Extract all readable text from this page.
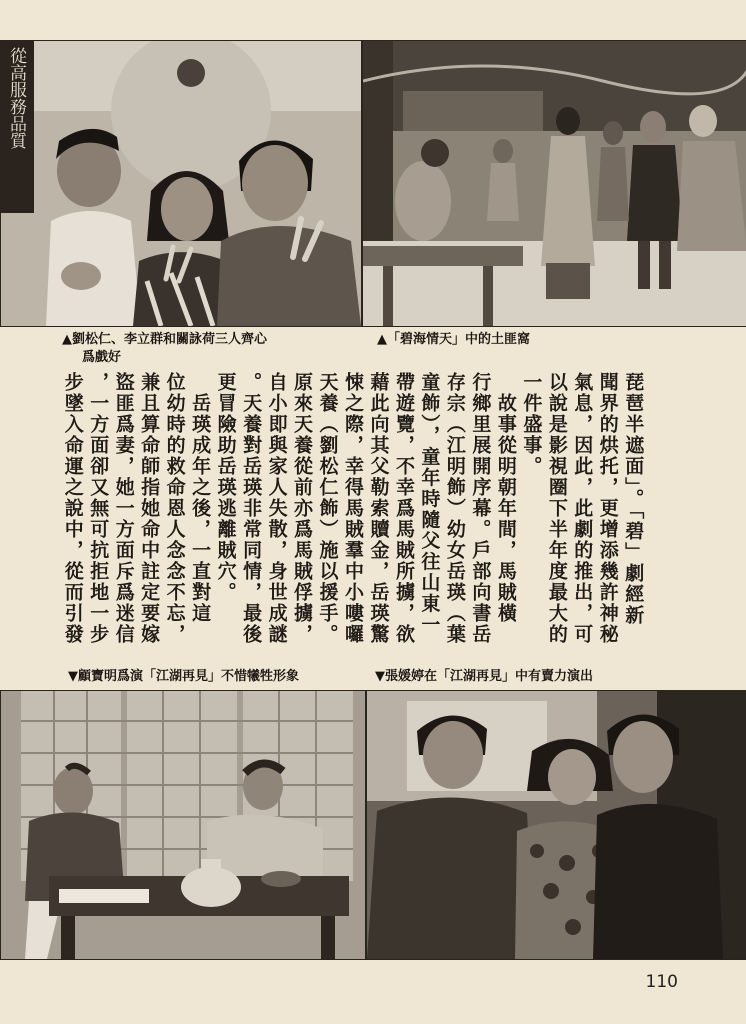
從高服務品質
▲劉松仁、李立群和關詠荷三人齊心
爲戲好
▲「碧海情天」中的土匪窩
琵琶半遮面」。「碧」劇經新
聞界的烘托，更增添幾許神秘
氣息，因此，此劇的推出，可
以說是影視圈下半年度最大的
一件盛事。
　故事從明朝年間，馬賊橫
行鄉里展開序幕。戶部向書岳
存宗（江明飾）幼女岳瑛（葉
童飾），童年時隨父往山東一
帶遊覽，不幸爲馬賊所擄，欲
藉此向其父勒索贖金，岳瑛驚
悚之際，幸得馬賊羣中小嘍囉
天養（劉松仁飾）施以援手。
原來天養從前亦爲馬賊俘擄，
自小即與家人失散，身世成謎
。天養對岳瑛非常同情，最後
更冒險助岳瑛逃離賊穴。
　岳瑛成年之後，一直對這
位幼時的救命恩人念念不忘，
兼且算命師指她命中註定要嫁
盜匪爲妻，她一方面斥爲迷信
，一方面卻又無可抗拒地一步
步墜入命運之說中，從而引發
▼顧寶明爲演「江湖再見」不惜犧牲形象	▼張媛婷在「江湖再見」中有賣力演出
110
